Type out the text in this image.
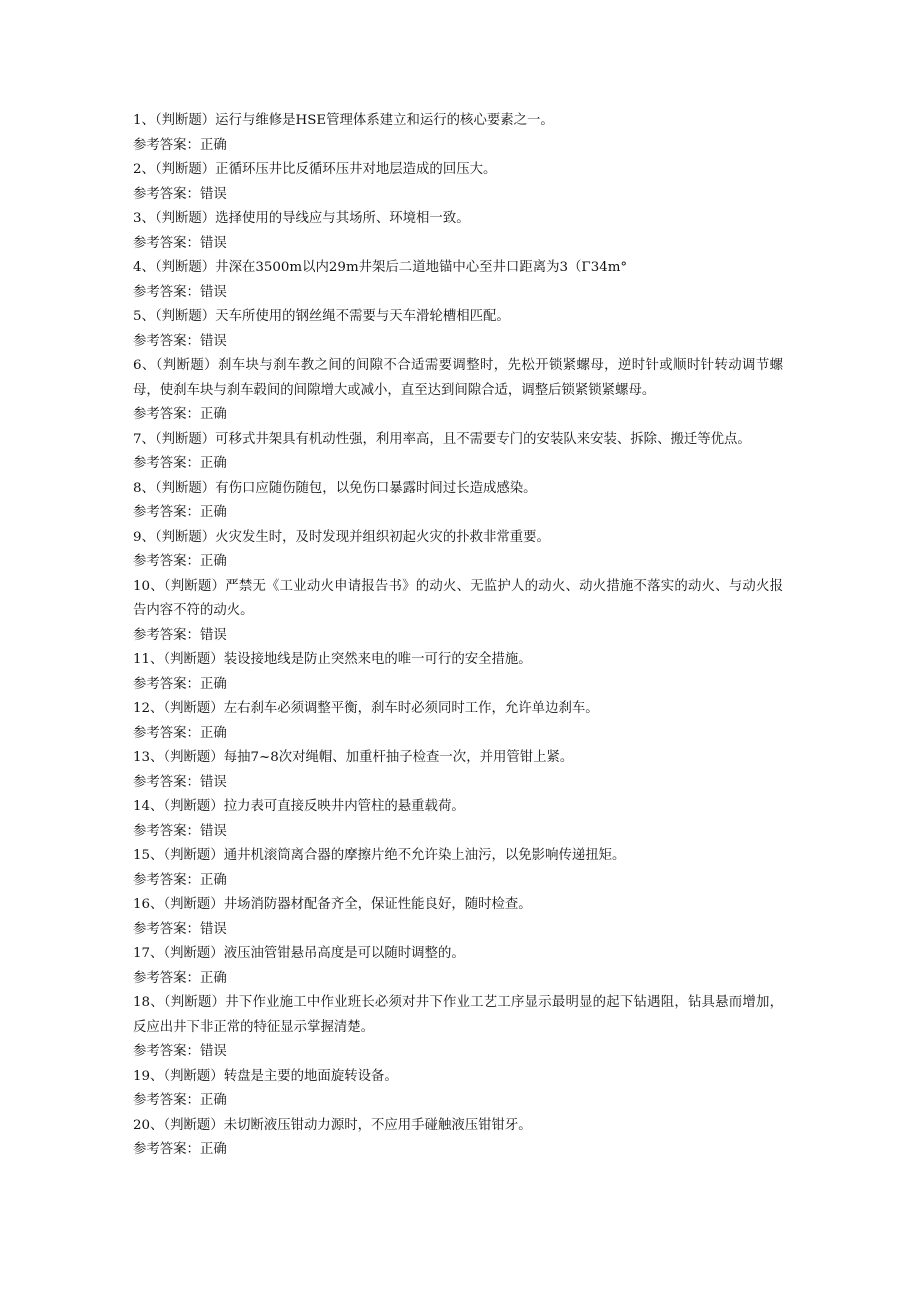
1、（判断题）运行与维修是HSE管理体系建立和运行的核心要素之一。

参考答案：正确

2、（判断题）正循环压井比反循环压井对地层造成的回压大。

参考答案：错误

3、（判断题）选择使用的导线应与其场所、环境相一致。

参考答案：错误

4、（判断题）井深在3500m以内29m井架后二道地锚中心至井口距离为3（Γ34m°

参考答案：错误

5、（判断题）天车所使用的钢丝绳不需要与天车滑轮槽相匹配。

参考答案：错误

6、（判断题）刹车块与刹车教之间的间隙不合适需要调整时，先松开锁紧螺母，逆时针或顺时针转动调节螺母，使刹车块与刹车毂间的间隙增大或减小，直至达到间隙合适，调整后锁紧锁紧螺母。

参考答案：正确

7、（判断题）可移式井架具有机动性强，利用率高，且不需要专门的安装队来安装、拆除、搬迁等优点。

参考答案：正确

8、（判断题）有伤口应随伤随包，以免伤口暴露时间过长造成感染。

参考答案：正确

9、（判断题）火灾发生时，及时发现并组织初起火灾的扑救非常重要。

参考答案：正确

10、（判断题）严禁无《工业动火申请报告书》的动火、无监护人的动火、动火措施不落实的动火、与动火报告内容不符的动火。

参考答案：错误

11、（判断题）装设接地线是防止突然来电的唯一可行的安全措施。

参考答案：正确

12、（判断题）左右刹车必须调整平衡，刹车时必须同时工作，允许单边刹车。

参考答案：正确

13、（判断题）每抽7~8次对绳帽、加重杆抽子检查一次，并用管钳上紧。

参考答案：错误

14、（判断题）拉力表可直接反映井内管柱的悬重载荷。

参考答案：错误

15、（判断题）通井机滚筒离合器的摩擦片绝不允许染上油污，以免影响传递扭矩。

参考答案：正确

16、（判断题）井场消防器材配备齐全，保证性能良好，随时检查。

参考答案：错误

17、（判断题）液压油管钳悬吊高度是可以随时调整的。

参考答案：正确

18、（判断题）井下作业施工中作业班长必须对井下作业工艺工序显示最明显的起下钻遇阻，钻具悬而增加，反应出井下非正常的特征显示掌握清楚。

参考答案：错误

19、（判断题）转盘是主要的地面旋转设备。

参考答案：正确

20、（判断题）未切断液压钳动力源时，不应用手碰触液压钳钳牙。

参考答案：正确
